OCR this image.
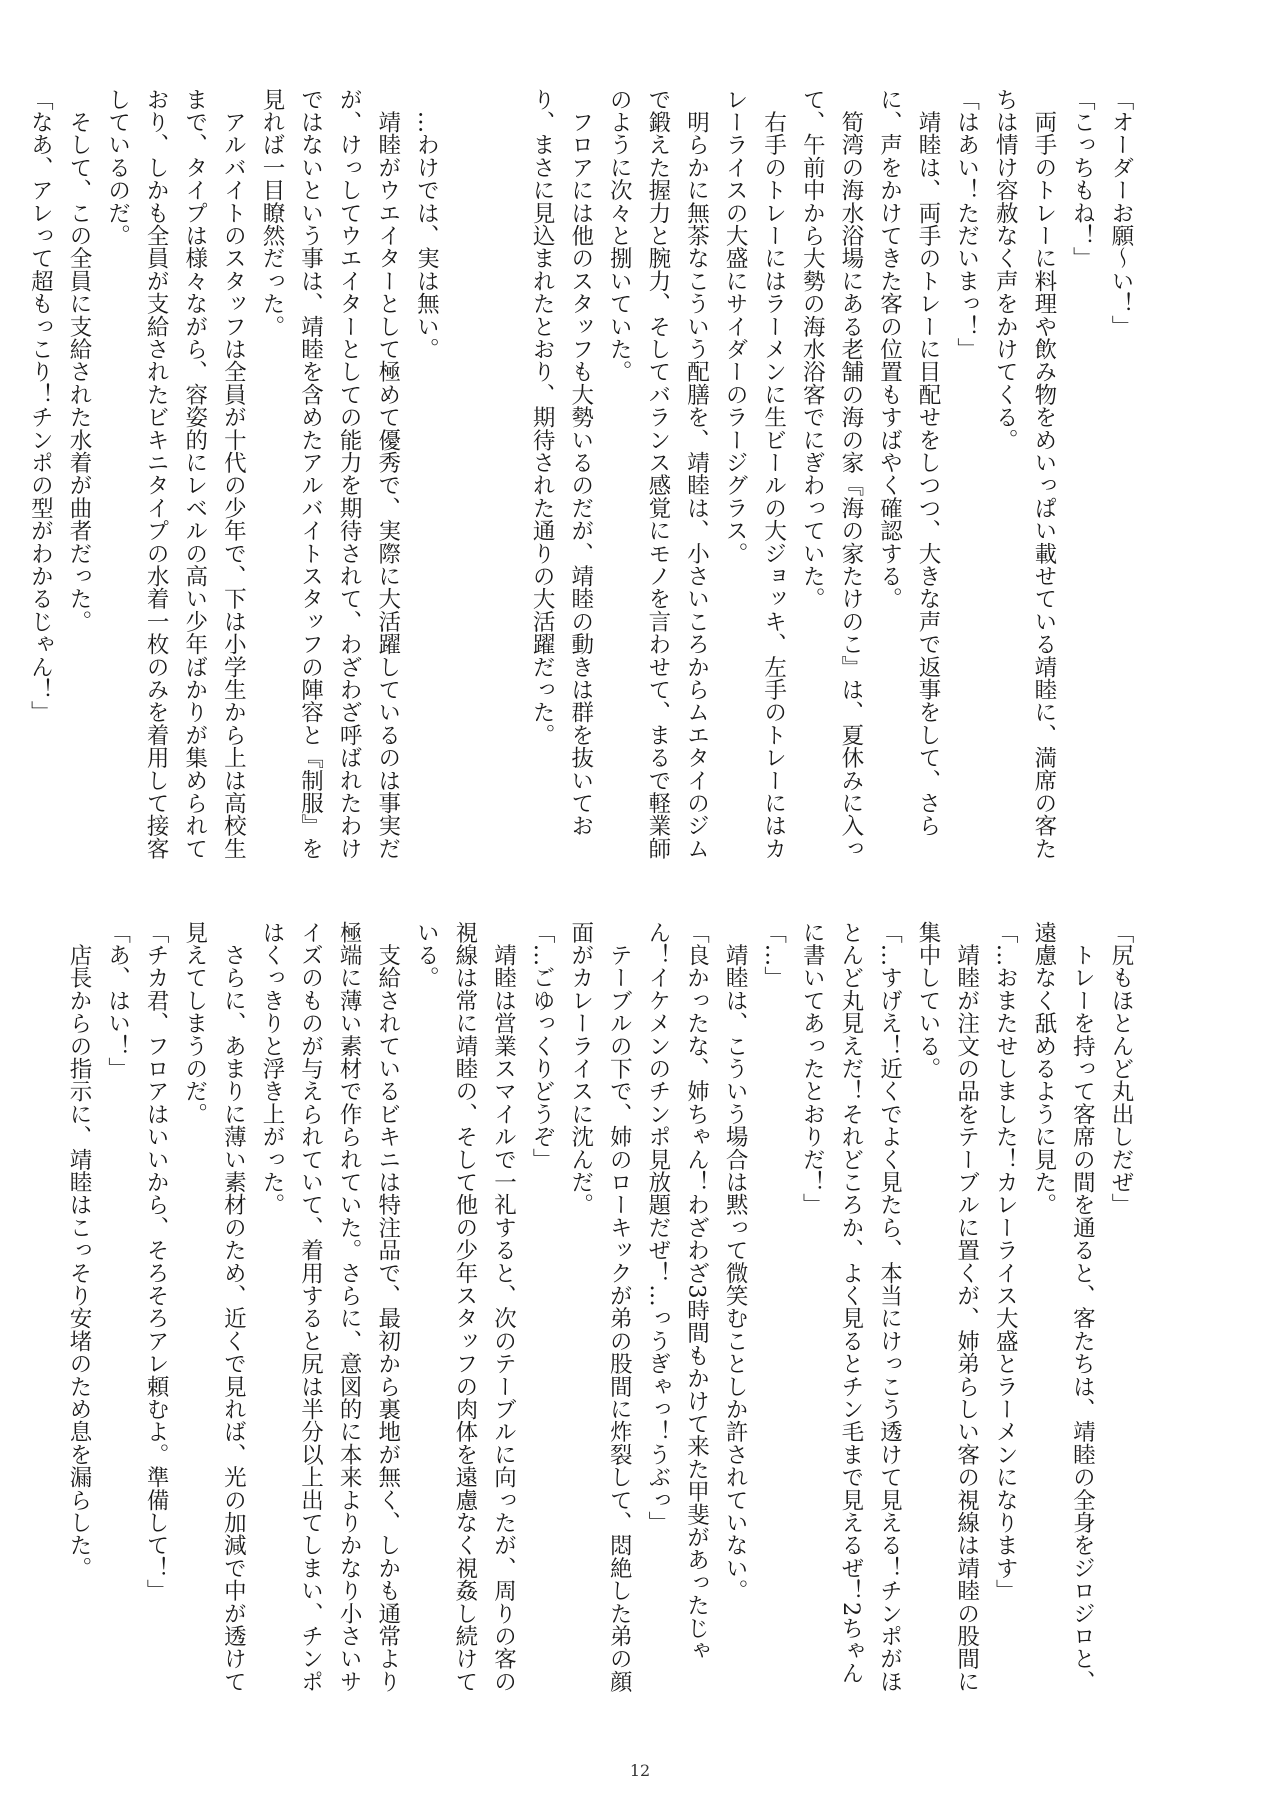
「オーダーお願～い！」
「こっちもね！」
　両手のトレーに料理や飲み物をめいっぱい載せている靖睦に、満席の客た
ちは情け容赦なく声をかけてくる。
「はあい！ただいまっ！」
　靖睦は、両手のトレーに目配せをしつつ、大きな声で返事をして、さら
に、声をかけてきた客の位置もすばやく確認する。
　筍湾の海水浴場にある老舗の海の家『海の家たけのこ』は、夏休みに入っ
て、午前中から大勢の海水浴客でにぎわっていた。
　右手のトレーにはラーメンに生ビールの大ジョッキ、左手のトレーにはカ
レーライスの大盛にサイダーのラージグラス。
　明らかに無茶なこういう配膳を、靖睦は、小さいころからムエタイのジム
で鍛えた握力と腕力、そしてバランス感覚にモノを言わせて、まるで軽業師
のように次々と捌いていた。
　フロアには他のスタッフも大勢いるのだが、靖睦の動きは群を抜いてお
り、まさに見込まれたとおり、期待された通りの大活躍だった。
　…わけでは、実は無い。
　靖睦がウエイターとして極めて優秀で、実際に大活躍しているのは事実だ
が、けっしてウエイターとしての能力を期待されて、わざわざ呼ばれたわけ
ではないという事は、靖睦を含めたアルバイトスタッフの陣容と『制服』を
見れば一目瞭然だった。
　アルバイトのスタッフは全員が十代の少年で、下は小学生から上は高校生
まで、タイプは様々ながら、容姿的にレベルの高い少年ばかりが集められて
おり、しかも全員が支給されたビキニタイプの水着一枚のみを着用して接客
しているのだ。
　そして、この全員に支給された水着が曲者だった。
「なあ、アレって超もっこり！チンポの型がわかるじゃん！」
「尻もほとんど丸出しだぜ」
　トレーを持って客席の間を通ると、客たちは、靖睦の全身をジロジロと、
遠慮なく舐めるように見た。
「…おまたせしました！カレーライス大盛とラーメンになります」
　靖睦が注文の品をテーブルに置くが、姉弟らしい客の視線は靖睦の股間に
集中している。
「…すげえ！近くでよく見たら、本当にけっこう透けて見える！チンポがほ
とんど丸見えだ！それどころか、よく見るとチン毛まで見えるぜ！2ちゃん
に書いてあったとおりだ！」
「…」
　靖睦は、こういう場合は黙って微笑むことしか許されていない。
「良かったな、姉ちゃん！わざわざ3時間もかけて来た甲斐があったじゃ
ん！イケメンのチンポ見放題だぜ！…っうぎゃっ！うぶっ」
　テーブルの下で、姉のローキックが弟の股間に炸裂して、悶絶した弟の顔
面がカレーライスに沈んだ。
「…ごゆっくりどうぞ」
　靖睦は営業スマイルで一礼すると、次のテーブルに向ったが、周りの客の
視線は常に靖睦の、そして他の少年スタッフの肉体を遠慮なく視姦し続けて
いる。
　支給されているビキニは特注品で、最初から裏地が無く、しかも通常より
極端に薄い素材で作られていた。さらに、意図的に本来よりかなり小さいサ
イズのものが与えられていて、着用すると尻は半分以上出てしまい、チンポ
はくっきりと浮き上がった。
　さらに、あまりに薄い素材のため、近くで見れば、光の加減で中が透けて
見えてしまうのだ。
「チカ君、フロアはいいから、そろそろアレ頼むよ。準備して！」
「あ、はい！」
　店長からの指示に、靖睦はこっそり安堵のため息を漏らした。
12
